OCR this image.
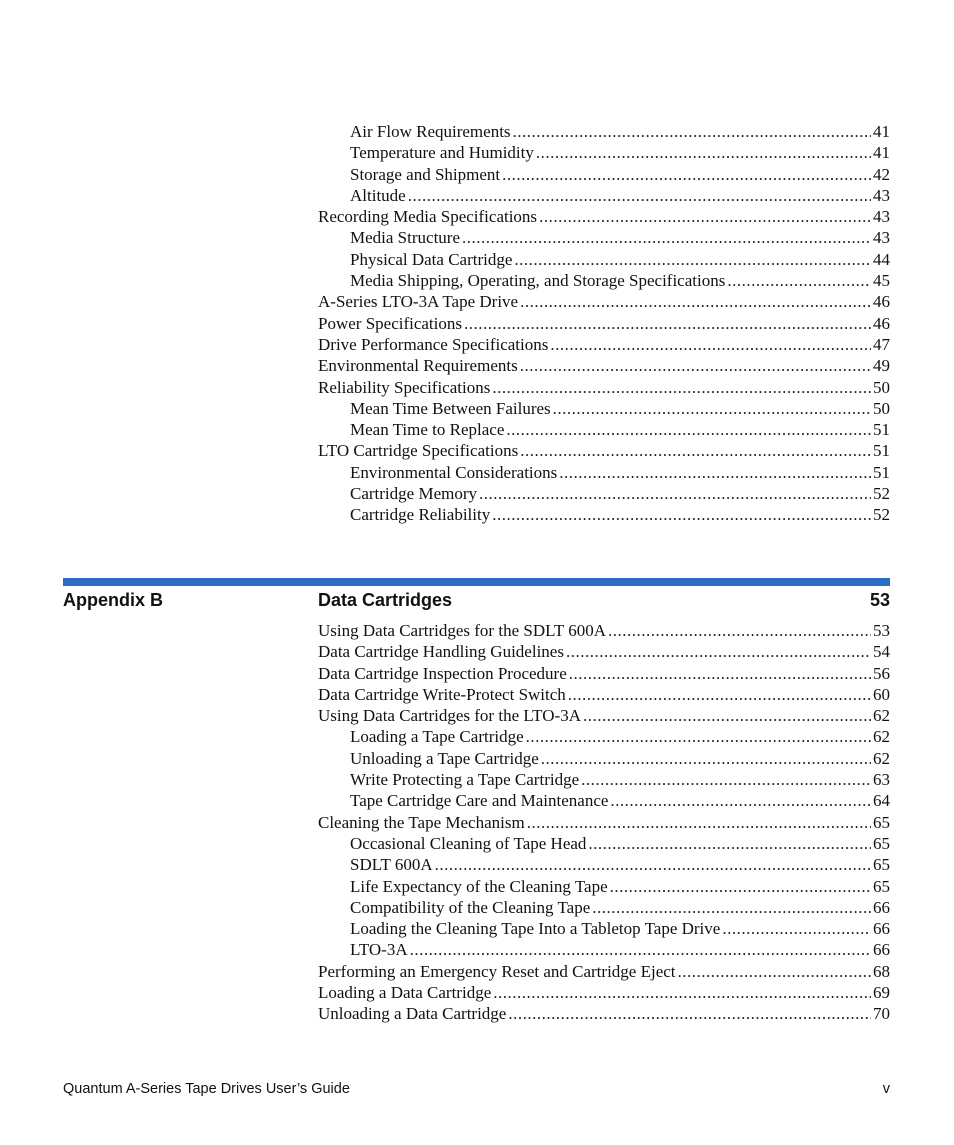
Air Flow Requirements .....	41
Temperature and Humidity .....	41
Storage and Shipment .....	42
Altitude .....	43
Recording Media Specifications .....	43
Media Structure .....	43
Physical Data Cartridge .....	44
Media Shipping, Operating, and Storage Specifications .....	45
A-Series LTO-3A Tape Drive .....	46
Power Specifications .....	46
Drive Performance Specifications .....	47
Environmental Requirements .....	49
Reliability Specifications .....	50
Mean Time Between Failures .....	50
Mean Time to Replace .....	51
LTO Cartridge Specifications .....	51
Environmental Considerations .....	51
Cartridge Memory .....	52
Cartridge Reliability .....	52
Appendix B	Data Cartridges	53
Using Data Cartridges for the SDLT 600A .....	53
Data Cartridge Handling Guidelines .....	54
Data Cartridge Inspection Procedure .....	56
Data Cartridge Write-Protect Switch .....	60
Using Data Cartridges for the LTO-3A .....	62
Loading a Tape Cartridge .....	62
Unloading a Tape Cartridge .....	62
Write Protecting a Tape Cartridge .....	63
Tape Cartridge Care and Maintenance .....	64
Cleaning the Tape Mechanism .....	65
Occasional Cleaning of Tape Head .....	65
SDLT 600A .....	65
Life Expectancy of the Cleaning Tape .....	65
Compatibility of the Cleaning Tape .....	66
Loading the Cleaning Tape Into a Tabletop Tape Drive .....	66
LTO-3A .....	66
Performing an Emergency Reset and Cartridge Eject .....	68
Loading a Data Cartridge .....	69
Unloading a Data Cartridge .....	70
Quantum A-Series Tape Drives User’s Guide	v
